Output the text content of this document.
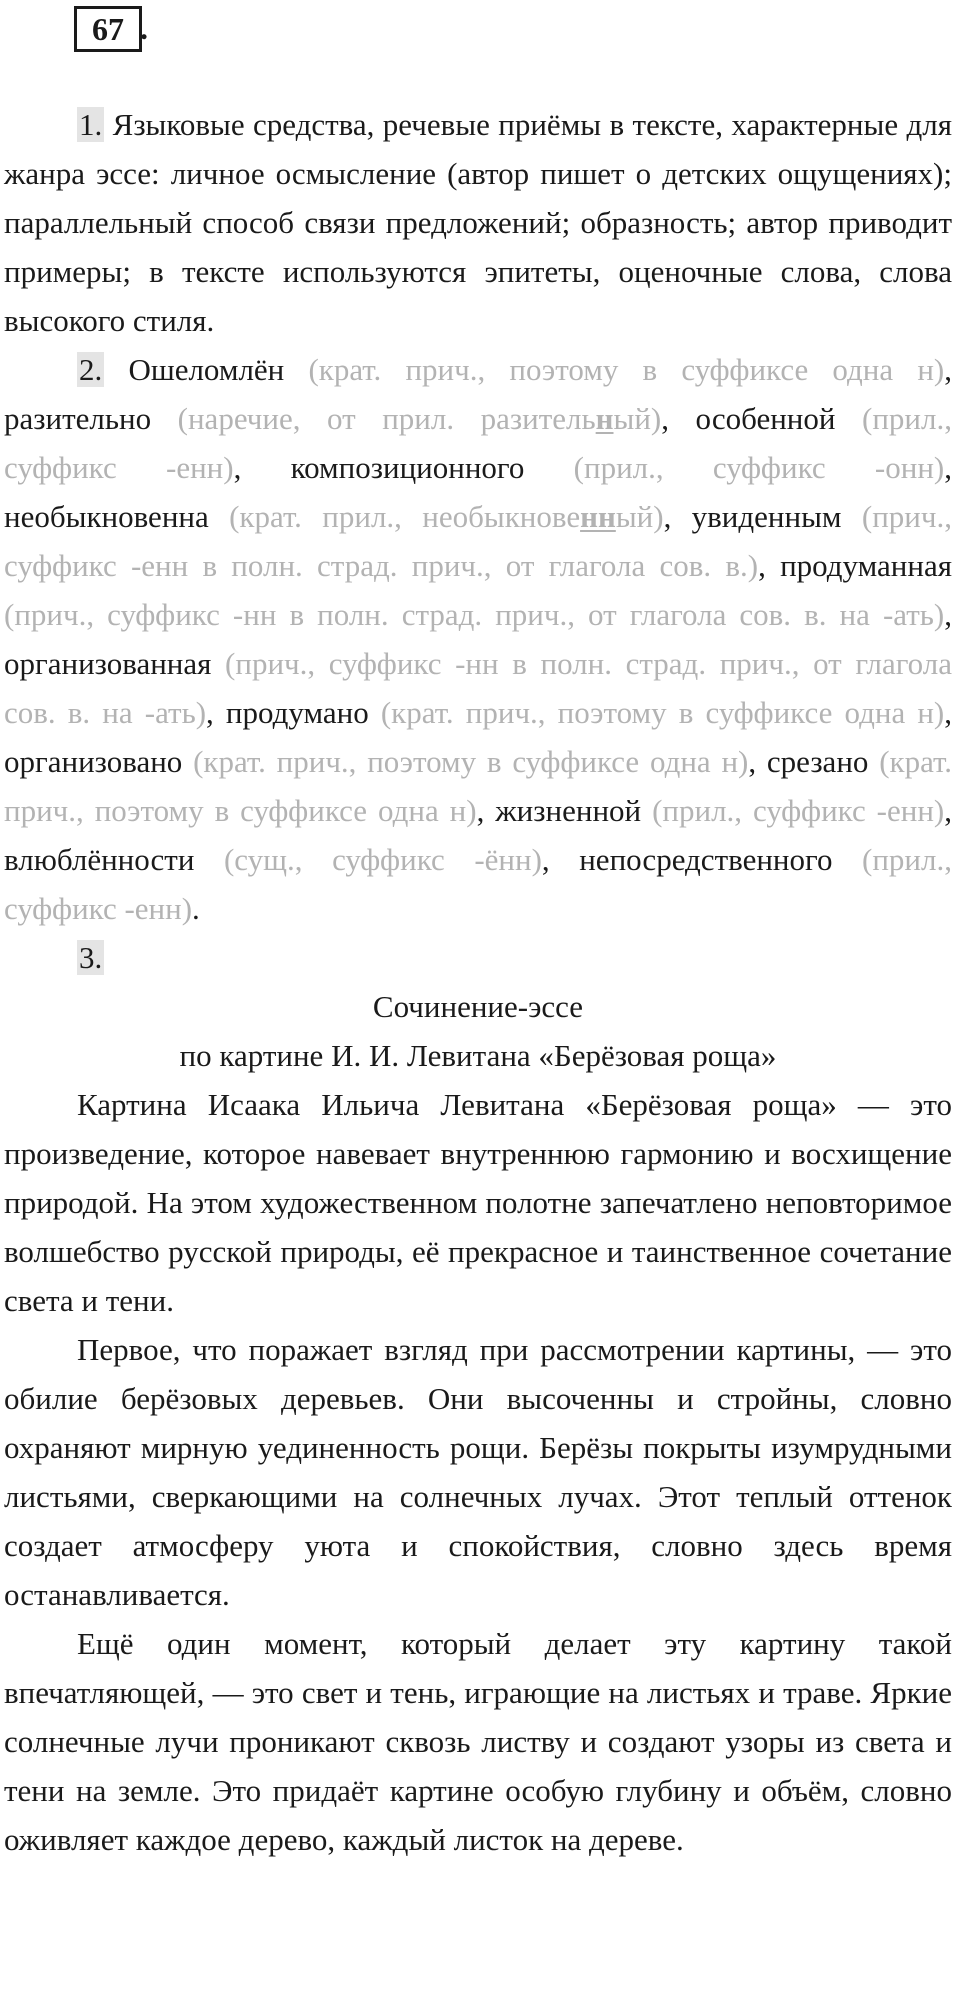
67 .

1. Языковые средства, речевые приёмы в тексте, характерные для жанра эссе: личное осмысление (автор пишет о детских ощущениях); параллельный способ связи предложений; образность; автор приводит примеры; в тексте используются эпитеты, оценочные слова, слова высокого стиля.

2. Ошеломлён (крат. прич., поэтому в суффиксе одна н), разительно (наречие, от прил. разительный), особенной (прил., суффикс -енн), композиционного (прил., суффикс -онн), необыкновенна (крат. прил., необыкновенный), увиденным (прич., суффикс -енн в полн. страд. прич., от глагола сов. в.), продуманная (прич., суффикс -нн в полн. страд. прич., от глагола сов. в. на -ать), организованная (прич., суффикс -нн в полн. страд. прич., от глагола сов. в. на -ать), продумано (крат. прич., поэтому в суффиксе одна н), организовано (крат. прич., поэтому в суффиксе одна н), срезано (крат. прич., поэтому в суффиксе одна н), жизненной (прил., суффикс -енн), влюблённости (сущ., суффикс -ённ), непосредственного (прил., суффикс -енн).

3.

Сочинение-эссе

по картине И. И. Левитана «Берёзовая роща»

Картина Исаака Ильича Левитана «Берёзовая роща» — это произведение, которое навевает внутреннюю гармонию и восхищение природой. На этом художественном полотне запечатлено неповторимое волшебство русской природы, её прекрасное и таинственное сочетание света и тени.

Первое, что поражает взгляд при рассмотрении картины, — это обилие берёзовых деревьев. Они высоченны и стройны, словно охраняют мирную уединенность рощи. Берёзы покрыты изумрудными листьями, сверкающими на солнечных лучах. Этот теплый оттенок создает атмосферу уюта и спокойствия, словно здесь время останавливается.

Ещё один момент, который делает эту картину такой впечатляющей, — это свет и тень, играющие на листьях и траве. Яркие солнечные лучи проникают сквозь листву и создают узоры из света и тени на земле. Это придаёт картине особую глубину и объём, словно оживляет каждое дерево, каждый листок на дереве.
